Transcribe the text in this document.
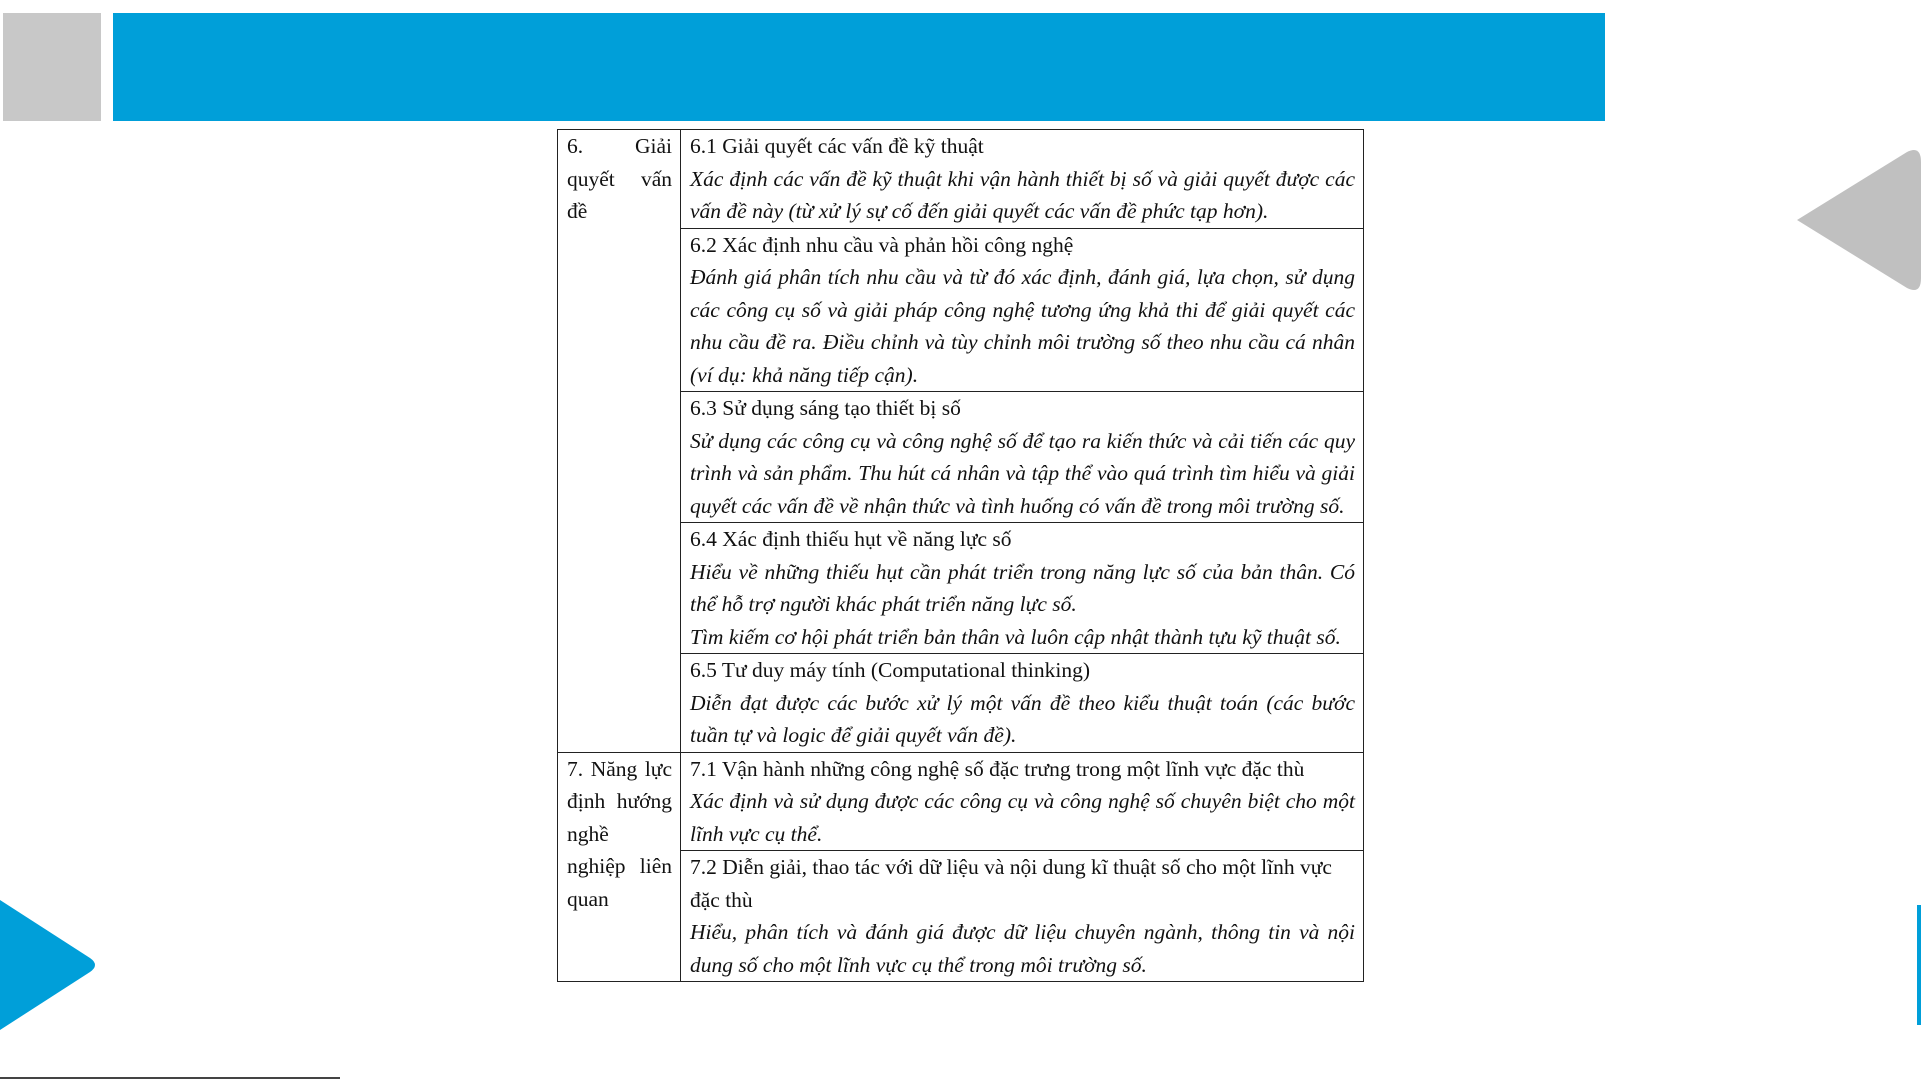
6. Giải quyết vấn đề	6.1 Giải quyết các vấn đề kỹ thuật
Xác định các vấn đề kỹ thuật khi vận hành thiết bị số và giải quyết được các vấn đề này (từ xử lý sự cố đến giải quyết các vấn đề phức tạp hơn).

	6.2 Xác định nhu cầu và phản hồi công nghệ
Đánh giá phân tích nhu cầu và từ đó xác định, đánh giá, lựa chọn, sử dụng các công cụ số và giải pháp công nghệ tương ứng khả thi để giải quyết các nhu cầu đề ra. Điều chỉnh và tùy chỉnh môi trường số theo nhu cầu cá nhân (ví dụ: khả năng tiếp cận).

	6.3 Sử dụng sáng tạo thiết bị số
Sử dụng các công cụ và công nghệ số để tạo ra kiến thức và cải tiến các quy trình và sản phẩm. Thu hút cá nhân và tập thể vào quá trình tìm hiểu và giải quyết các vấn đề về nhận thức và tình huống có vấn đề trong môi trường số.

	6.4 Xác định thiếu hụt về năng lực số
Hiểu về những thiếu hụt cần phát triển trong năng lực số của bản thân. Có thể hỗ trợ người khác phát triển năng lực số.
Tìm kiếm cơ hội phát triển bản thân và luôn cập nhật thành tựu kỹ thuật số.

	6.5 Tư duy máy tính (Computational thinking)
Diễn đạt được các bước xử lý một vấn đề theo kiểu thuật toán (các bước tuần tự và logic để giải quyết vấn đề).

7. Năng lực định hướng nghề nghiệp liên quan	7.1 Vận hành những công nghệ số đặc trưng trong một lĩnh vực đặc thù
Xác định và sử dụng được các công cụ và công nghệ số chuyên biệt cho một lĩnh vực cụ thể.

	7.2 Diễn giải, thao tác với dữ liệu và nội dung kĩ thuật số cho một lĩnh vực đặc thù
Hiểu, phân tích và đánh giá được dữ liệu chuyên ngành, thông tin và nội dung số cho một lĩnh vực cụ thể trong môi trường số.
